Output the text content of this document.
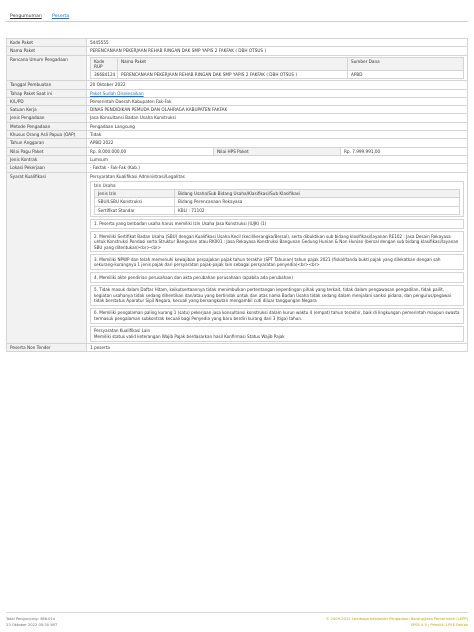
Pengumuman Peserta
Kode Paket	5445555
Nama Paket	PERENCANAAN PEKERJAAN REHAB RINGAN DAK SMP YAPIS 2 FAKFAK ( DBH OTSUS )
Rencana Umum Pengadaan		Kode RUP	Nama Paket	Sumber Dana
36684124	PERENCANAAN PEKERJAAN REHAB RINGAN DAK SMP YAPIS 2 FAKFAK ( DBH OTSUS )	APBD

Tanggal Pembuatan	20 Oktober 2022
Tahap Paket Saat ini	Paket Sudah Diselesaikan
K/L/PD	Pemerintah Daerah Kabupaten Fak-Fak
Satuan Kerja	DINAS PENDIDIKAN PEMUDA DAN OLAHRAGA KABUPATEN FAKFAK
Jenis Pengadaan	Jasa Konsultansi Badan Usaha Konstruksi
Metode Pengadaan	Pengadaan Langsung
Khusus Orang Asli Papua (OAP)	Tidak
Tahun Anggaran	APBD 2022
Nilai Pagu Paket	Rp. 8.000.000,00	Nilai HPS Paket	Rp. 7.999.991,00
Jenis Kontrak	Lumsum
Lokasi Pekerjaan	- Fakfak - Fak-Fak (Kab.)
Syarat Kualifikasi	Persyaratan Kualifikasi Administrasi/Legalitas
Izin Usaha
Jenis Izin	Bidang Usaha/Sub Bidang Usaha/Klasifikasi/Sub Klasifikasi
SBU/LSBU Konstruksi	Bidang Perencanaan Rekayasa
Sertifikat Standar	KBLI : 71102
1. Peserta yang berbadan usaha harus memiliki Izin Usaha Jasa Konstruksi (IUJK) (1)
2. Memiliki Sertifikat Badan Usaha (SBU) dengan Kualifikasi Usaha Kecil (kecil/kerangka/Bersal), serta dibuktikan sub bidang klasifikasi/layanan RE102 : Jasa Desain Rekayasa untuk Konstruksi Pondasi serta Struktur Bangunan atau RK001 : Jasa Rekayasa Konstruksi Bangunan Gedung Hunian & Non Hunian (bersal dengan sub bidang klasifikasi/layanan SBU yang ditentukan)<br><br>
3. Memiliki NPWP dan telah memenuhi kewajiban perpajakan pajak tahun terakhir (SPT Tahunan) tahun pajak 2021 (fiskal/tanda bukti pajak yang dilekatkan dengan sah sekurang-kurangnya 1 jenis pajak dari persyaratan pajak-pajak lain sebagai persyaratan penyedia)<br><br>
4. Memiliki akte pendirian perusahaan dan akta perubahan perusahaan (apabila ada perubahan)
5. Tidak masuk dalam Daftar Hitam, keikutsertaannya tidak menimbulkan pertentangan kepentingan pihak yang terkait, tidak dalam pengawasan pengadilan, tidak pailit, kegiatan usahanya tidak sedang dihentikan dan/atau yang bertindak untuk dan atas nama Badan Usaha tidak sedang dalam menjalani sanksi pidana, dan pengurus/pegawai tidak berstatus Aparatur Sipil Negara, kecuali yang bersangkutan mengambil cuti diluar tanggungan Negara
6. Memiliki pengalaman paling kurang 1 (satu) pekerjaan jasa konsultansi konstruksi dalam kurun waktu 4 (empat) tahun terakhir, baik di lingkungan pemerintah maupun swasta termasuk pengalaman subkontrak kecuali bagi Penyedia yang baru berdiri kurang dari 3 (tiga) tahun.
Persyaratan Kualifikasi Lain
Memiliki status valid keterangan Wajib Pajak berdasarkan hasil Konfirmasi Status Wajib Pajak

Peserta Non Tender	1 peserta
Total Pengunjung: 386.01x
23 Oktober 2022 05:30 WIT
© 2009-2022 Lembaga Kebijakan Pengadaan Barang/Jasa Pemerintah (LKPP)
SPSE 4.5 | Pemilik: LPSE Fakfak
